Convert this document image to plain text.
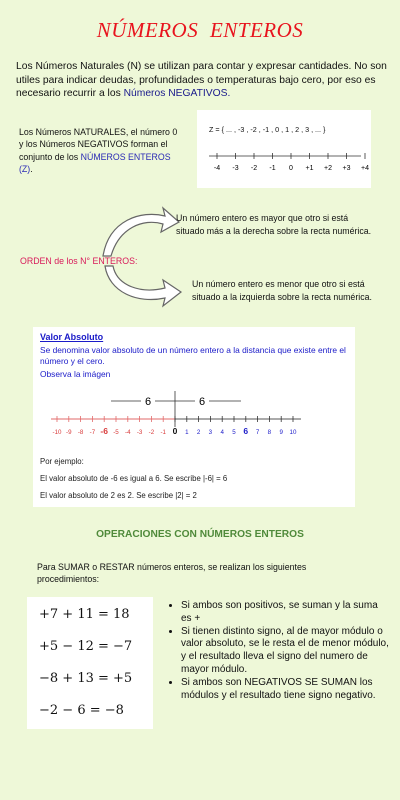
NÚMEROS ENTEROS
Los Números Naturales (N) se utilizan para contar y expresar cantidades. No son utiles para indicar deudas, profundidades o temperaturas bajo cero, por eso es necesario recurrir a los Números NEGATIVOS.
Los Números NATURALES, el número 0 y los Números NEGATIVOS forman el conjunto de los NÚMEROS ENTEROS (Z).
Z = { ... , -3 , -2 , -1 , 0 , 1 , 2 , 3 , ... }
-4 -3 -2 -1 0 +1 +2 +3 +4
ORDEN de los N° ENTEROS:
Un número entero es mayor que otro si está situado más a la derecha sobre la recta numérica.
Un número entero es menor que otro si está situado a la izquierda sobre la recta numérica.
Valor Absoluto
Se denomina valor absoluto de un número entero a la distancia que existe entre el número y el cero.
Observa la imágen
6	6
-10 -9 -8 -7 -6 -5 -4 -3 -2 -1 0 1 2 3 4 5 6 7 8 9 10
Por ejemplo:
El valor absoluto de -6 es igual a 6. Se escribe |-6| = 6
El valor absoluto de 2 es 2. Se escribe |2| = 2
OPERACIONES CON NÚMEROS ENTEROS
Para SUMAR o RESTAR números enteros, se realizan los siguientes procedimientos:
+7 + 11 = 18
+5 − 12 = −7
−8 + 13 = +5
−2 − 6 = −8
• Si ambos son positivos, se suman y la suma es +
• Si tienen distinto signo, al de mayor módulo o valor absoluto, se le resta el de menor módulo, y el resultado lleva el signo del numero de mayor módulo.
• Si ambos son NEGATIVOS SE SUMAN los módulos y el resultado tiene signo negativo.
